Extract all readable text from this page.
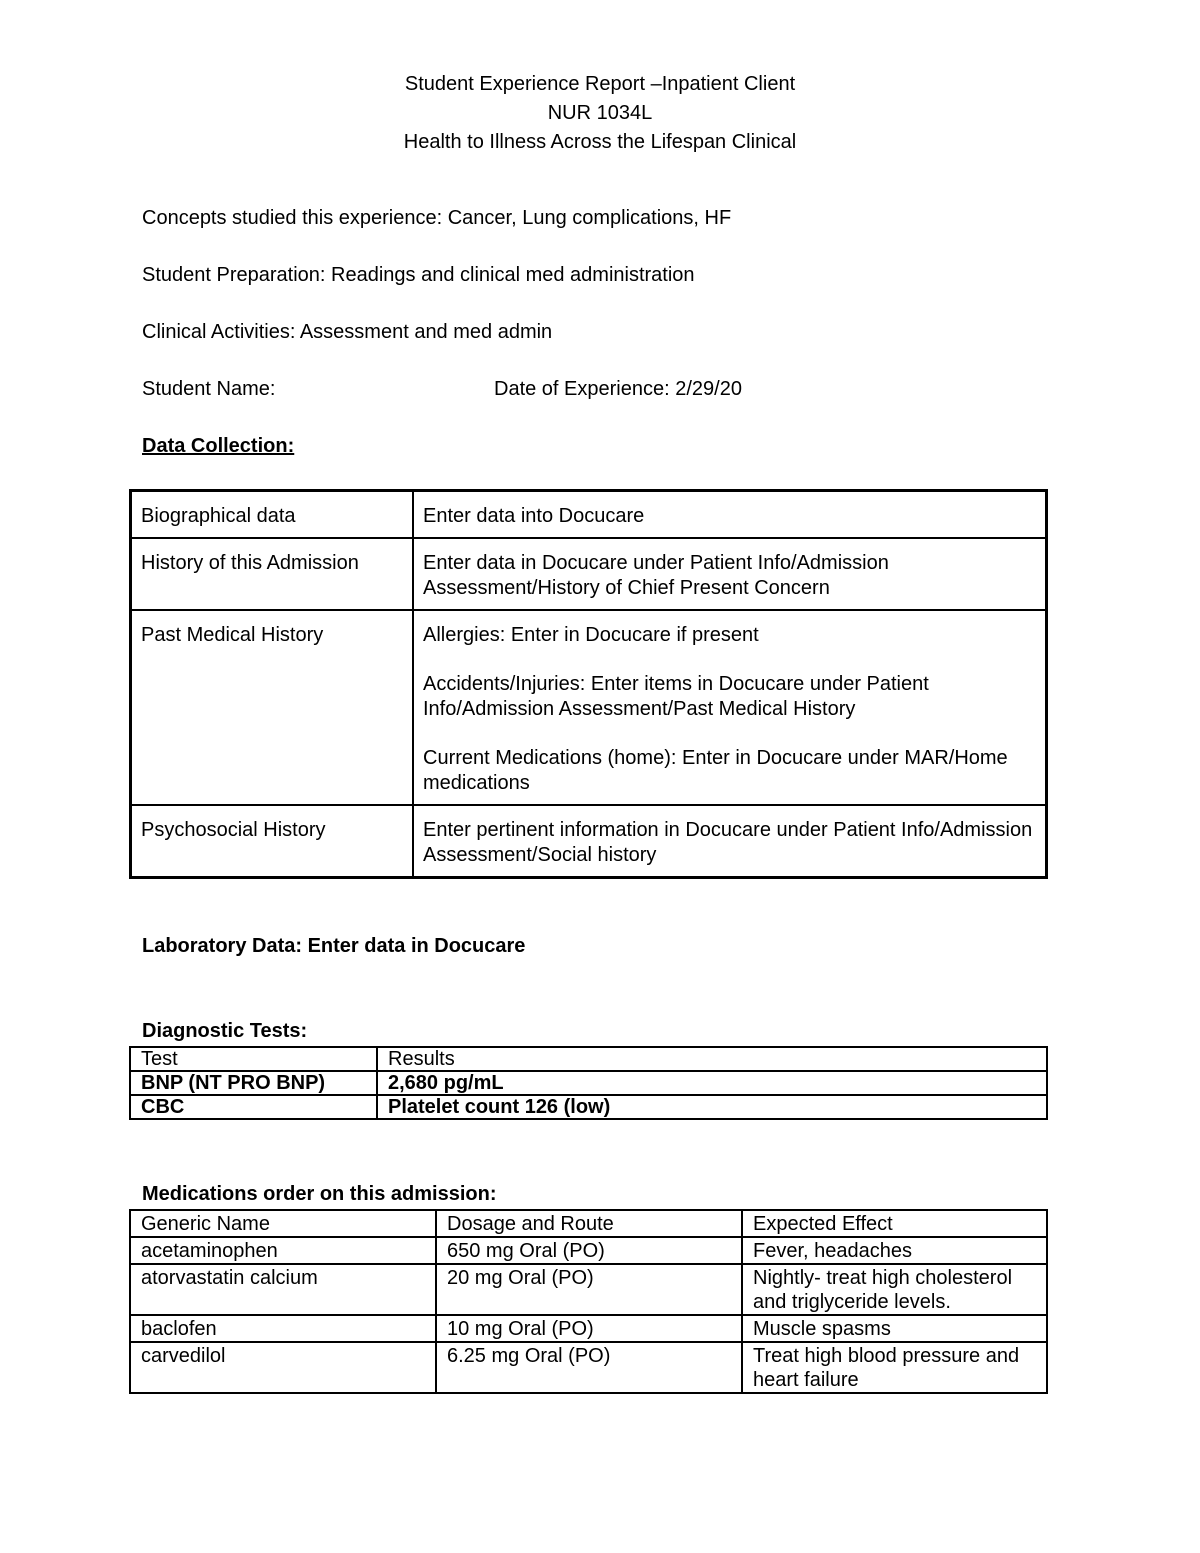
Student Experience Report –Inpatient Client
NUR 1034L
Health to Illness Across the Lifespan Clinical
Concepts studied this experience: Cancer, Lung complications, HF
Student Preparation: Readings and clinical med administration
Clinical Activities: Assessment and med admin
Student Name:	Date of Experience: 2/29/20
Data Collection:
Biographical data	Enter data into Docucare

History of this Admission	Enter data in Docucare under Patient Info/Admission Assessment/History of Chief Present Concern

Past Medical History	Allergies: Enter in Docucare if present

Accidents/Injuries: Enter items in Docucare under Patient Info/Admission Assessment/Past Medical History

Current Medications (home): Enter in Docucare under MAR/Home medications

Psychosocial History	Enter pertinent information in Docucare under Patient Info/Admission Assessment/Social history

Laboratory Data: Enter data in Docucare
Diagnostic Tests:
Test	Results
BNP (NT PRO BNP)	2,680 pg/mL
CBC	Platelet count 126 (low)
Medications order on this admission:
Generic Name	Dosage and Route	Expected Effect
acetaminophen	650 mg Oral (PO)	Fever, headaches
atorvastatin calcium	20 mg Oral (PO)	Nightly- treat high cholesterol and triglyceride levels.
baclofen	10 mg Oral (PO)	Muscle spasms
carvedilol	6.25 mg Oral (PO)	Treat high blood pressure and heart failure
